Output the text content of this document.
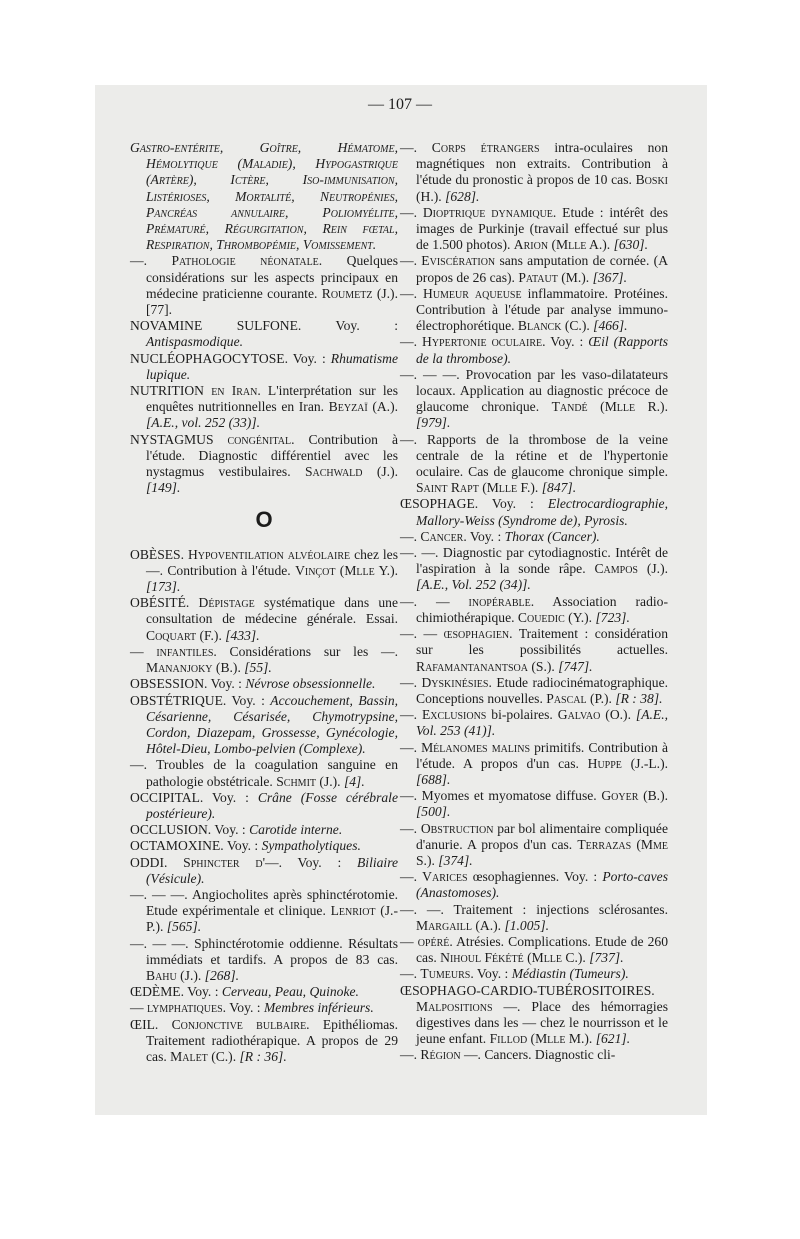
— 107 —

Gastro-entérite, Goître, Hématome, Hémolytique (Maladie), Hypogastrique (Artère), Ictère, Iso-immunisation, Listérioses, Mortalité, Neutropénies, Pancréas annulaire, Poliomyélite, Prématuré, Régurgitation, Rein fœtal, Respiration, Thrombopémie, Vomissement.

—. Pathologie néonatale. Quelques considérations sur les aspects principaux en médecine praticienne courante. Roumetz (J.). [77].

NOVAMINE SULFONE. Voy. : Antispasmodique.

NUCLÉOPHAGOCYTOSE. Voy. : Rhumatisme lupique.

NUTRITION en Iran. L'interprétation sur les enquêtes nutritionnelles en Iran. Beyzaï (A.). [A.E., vol. 252 (33)].

NYSTAGMUS congénital. Contribution à l'étude. Diagnostic différentiel avec les nystagmus vestibulaires. Sachwald (J.). [149].

O

OBÈSES. Hypoventilation alvéolaire chez les —. Contribution à l'étude. Vinçot (Mlle Y.). [173].

OBÉSITÉ. Dépistage systématique dans une consultation de médecine générale. Essai. Coquart (F.). [433].

— infantiles. Considérations sur les —. Mananjoky (B.). [55].

OBSESSION. Voy. : Névrose obsessionnelle.

OBSTÉTRIQUE. Voy. : Accouchement, Bassin, Césarienne, Césarisée, Chymotrypsine, Cordon, Diazepam, Grossesse, Gynécologie, Hôtel-Dieu, Lombo-pelvien (Complexe).

—. Troubles de la coagulation sanguine en pathologie obstétricale. Schmit (J.). [4].

OCCIPITAL. Voy. : Crâne (Fosse cérébrale postérieure).

OCCLUSION. Voy. : Carotide interne.

OCTAMOXINE. Voy. : Sympatholytiques.

ODDI. Sphincter d'—. Voy. : Biliaire (Vésicule).

—. — —. Angiocholites après sphinctérotomie. Etude expérimentale et clinique. Lenriot (J.-P.). [565].

—. — —. Sphinctérotomie oddienne. Résultats immédiats et tardifs. A propos de 83 cas. Bahu (J.). [268].

ŒDÈME. Voy. : Cerveau, Peau, Quinoke.

— lymphatiques. Voy. : Membres inférieurs.

ŒIL. Conjonctive bulbaire. Epithéliomas. Traitement radiothérapique. A propos de 29 cas. Malet (C.). [R : 36].

—. Corps étrangers intra-oculaires non magnétiques non extraits. Contribution à l'étude du pronostic à propos de 10 cas. Boski (H.). [628].

—. Dioptrique dynamique. Etude : intérêt des images de Purkinje (travail effectué sur plus de 1.500 photos). Arion (Mlle A.). [630].

—. Eviscération sans amputation de cornée. (A propos de 26 cas). Pataut (M.). [367].

—. Humeur aqueuse inflammatoire. Protéines. Contribution à l'étude par analyse immuno-électrophorétique. Blanck (C.). [466].

—. Hypertonie oculaire. Voy. : Œil (Rapports de la thrombose).

—. — —. Provocation par les vaso-dilatateurs locaux. Application au diagnostic précoce de glaucome chronique. Tandé (Mlle R.). [979].

—. Rapports de la thrombose de la veine centrale de la rétine et de l'hypertonie oculaire. Cas de glaucome chronique simple. Saint Rapt (Mlle F.). [847].

ŒSOPHAGE. Voy. : Electrocardiographie, Mallory-Weiss (Syndrome de), Pyrosis.

—. Cancer. Voy. : Thorax (Cancer).

—. —. Diagnostic par cytodiagnostic. Intérêt de l'aspiration à la sonde râpe. Campos (J.). [A.E., Vol. 252 (34)].

—. — inopérable. Association radio-chimiothérapique. Couedic (Y.). [723].

—. — œsophagien. Traitement : considération sur les possibilités actuelles. Rafamantanantsoa (S.). [747].

—. Dyskinésies. Etude radiocinématographique. Conceptions nouvelles. Pascal (P.). [R : 38].

—. Exclusions bi-polaires. Galvao (O.). [A.E., Vol. 253 (41)].

—. Mélanomes malins primitifs. Contribution à l'étude. A propos d'un cas. Huppe (J.-L.). [688].

—. Myomes et myomatose diffuse. Goyer (B.). [500].

—. Obstruction par bol alimentaire compliquée d'anurie. A propos d'un cas. Terrazas (Mme S.). [374].

—. Varices œsophagiennes. Voy. : Porto-caves (Anastomoses).

—. —. Traitement : injections sclérosantes. Margaill (A.). [1.005].

— opéré. Atrésies. Complications. Etude de 260 cas. Nihoul Fékété (Mlle C.). [737].

—. Tumeurs. Voy. : Médiastin (Tumeurs).

ŒSOPHAGO-CARDIO-TUBÉROSITOIRES. Malpositions —. Place des hémorragies digestives dans les — chez le nourrisson et le jeune enfant. Fillod (Mlle M.). [621].

—. Région —. Cancers. Diagnostic cli-
